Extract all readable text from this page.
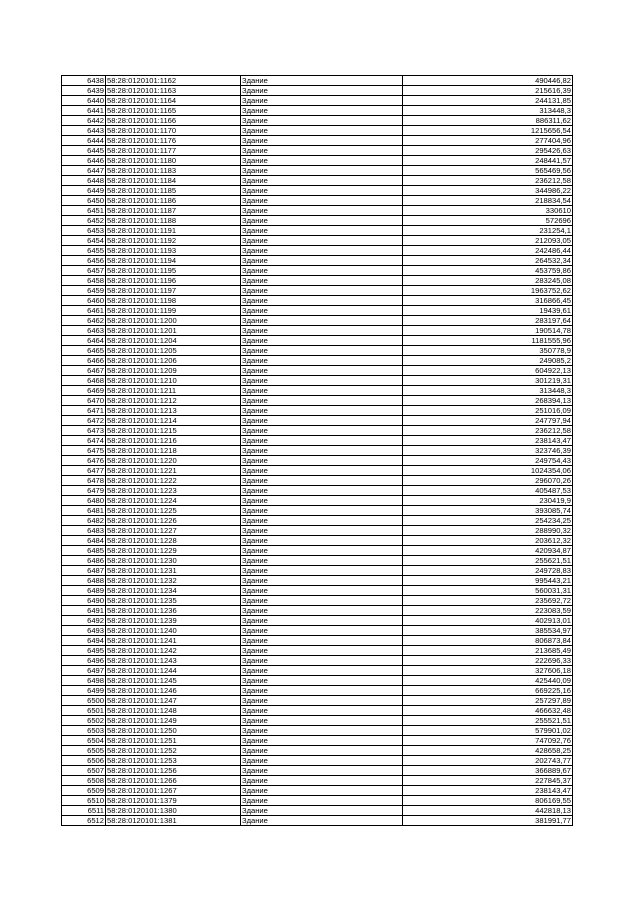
6438	58:28:0120101:1162	Здание	490446,82
6439	58:28:0120101:1163	Здание	215616,39
6440	58:28:0120101:1164	Здание	244131,85
6441	58:28:0120101:1165	Здание	313448,3
6442	58:28:0120101:1166	Здание	886311,62
6443	58:28:0120101:1170	Здание	1215656,54
6444	58:28:0120101:1176	Здание	277404,96
6445	58:28:0120101:1177	Здание	295426,63
6446	58:28:0120101:1180	Здание	248441,57
6447	58:28:0120101:1183	Здание	565469,56
6448	58:28:0120101:1184	Здание	236212,58
6449	58:28:0120101:1185	Здание	344986,22
6450	58:28:0120101:1186	Здание	218834,54
6451	58:28:0120101:1187	Здание	330610
6452	58:28:0120101:1188	Здание	572696
6453	58:28:0120101:1191	Здание	231254,1
6454	58:28:0120101:1192	Здание	212093,05
6455	58:28:0120101:1193	Здание	242486,44
6456	58:28:0120101:1194	Здание	264532,34
6457	58:28:0120101:1195	Здание	453759,86
6458	58:28:0120101:1196	Здание	283245,08
6459	58:28:0120101:1197	Здание	1963752,62
6460	58:28:0120101:1198	Здание	316866,45
6461	58:28:0120101:1199	Здание	19439,61
6462	58:28:0120101:1200	Здание	283197,64
6463	58:28:0120101:1201	Здание	190514,78
6464	58:28:0120101:1204	Здание	1181555,96
6465	58:28:0120101:1205	Здание	350778,9
6466	58:28:0120101:1206	Здание	249085,2
6467	58:28:0120101:1209	Здание	604922,13
6468	58:28:0120101:1210	Здание	301219,31
6469	58:28:0120101:1211	Здание	313448,3
6470	58:28:0120101:1212	Здание	268394,13
6471	58:28:0120101:1213	Здание	251016,09
6472	58:28:0120101:1214	Здание	247797,94
6473	58:28:0120101:1215	Здание	236212,58
6474	58:28:0120101:1216	Здание	238143,47
6475	58:28:0120101:1218	Здание	323746,39
6476	58:28:0120101:1220	Здание	249754,43
6477	58:28:0120101:1221	Здание	1024354,06
6478	58:28:0120101:1222	Здание	296070,26
6479	58:28:0120101:1223	Здание	405487,53
6480	58:28:0120101:1224	Здание	230419,9
6481	58:28:0120101:1225	Здание	393085,74
6482	58:28:0120101:1226	Здание	254234,25
6483	58:28:0120101:1227	Здание	288990,32
6484	58:28:0120101:1228	Здание	203612,32
6485	58:28:0120101:1229	Здание	420934,87
6486	58:28:0120101:1230	Здание	255621,51
6487	58:28:0120101:1231	Здание	249728,83
6488	58:28:0120101:1232	Здание	995443,21
6489	58:28:0120101:1234	Здание	560031,31
6490	58:28:0120101:1235	Здание	235692,72
6491	58:28:0120101:1236	Здание	223083,59
6492	58:28:0120101:1239	Здание	402913,01
6493	58:28:0120101:1240	Здание	385534,97
6494	58:28:0120101:1241	Здание	806873,84
6495	58:28:0120101:1242	Здание	213685,49
6496	58:28:0120101:1243	Здание	222696,33
6497	58:28:0120101:1244	Здание	327606,18
6498	58:28:0120101:1245	Здание	425440,09
6499	58:28:0120101:1246	Здание	669225,16
6500	58:28:0120101:1247	Здание	257297,89
6501	58:28:0120101:1248	Здание	466632,48
6502	58:28:0120101:1249	Здание	255521,51
6503	58:28:0120101:1250	Здание	579901,02
6504	58:28:0120101:1251	Здание	747092,76
6505	58:28:0120101:1252	Здание	428658,25
6506	58:28:0120101:1253	Здание	202743,77
6507	58:28:0120101:1256	Здание	366889,67
6508	58:28:0120101:1266	Здание	227845,37
6509	58:28:0120101:1267	Здание	238143,47
6510	58:28:0120101:1379	Здание	806169,55
6511	58:28:0120101:1380	Здание	442818,13
6512	58:28:0120101:1381	Здание	381991,77
